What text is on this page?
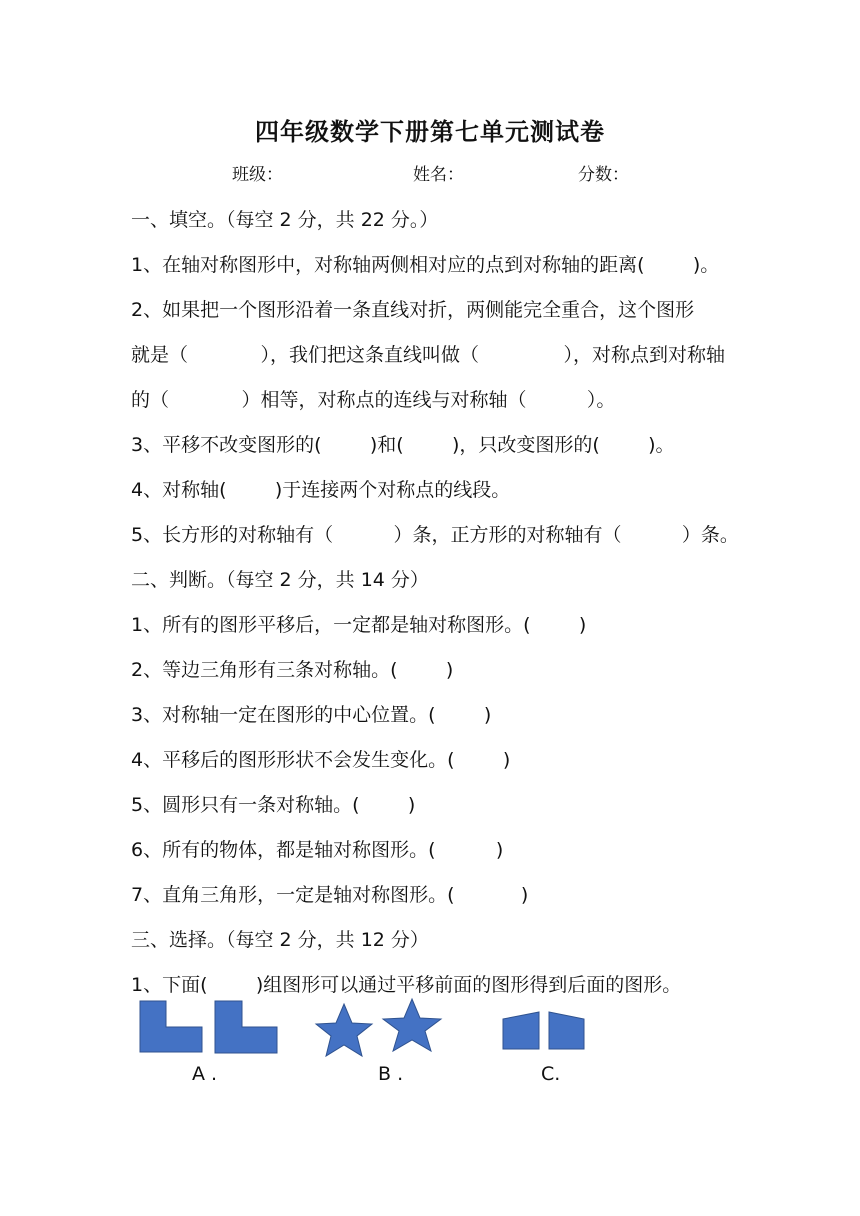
四年级数学下册第七单元测试卷
班级：	姓名：	分数：
一、填空。（每空 2 分，共 22 分。）
1、在轴对称图形中，对称轴两侧相对应的点到对称轴的距离(        )。
2、如果把一个图形沿着一条直线对折，两侧能完全重合，这个图形
就是（            ），我们把这条直线叫做（              ），对称点到对称轴
的（            ）相等，对称点的连线与对称轴（          ）。
3、平移不改变图形的(        )和(        )，只改变图形的(        )。
4、对称轴(        )于连接两个对称点的线段。
5、长方形的对称轴有（          ）条，正方形的对称轴有（          ）条。
二、判断。（每空 2 分，共 14 分）
1、所有的图形平移后，一定都是轴对称图形。(        )
2、等边三角形有三条对称轴。(        )
3、对称轴一定在图形的中心位置。(        )
4、平移后的图形形状不会发生变化。(        )
5、圆形只有一条对称轴。(        )
6、所有的物体，都是轴对称图形。(          )
7、直角三角形，一定是轴对称图形。(           )
三、选择。（每空 2 分，共 12 分）
1、下面(        )组图形可以通过平移前面的图形得到后面的图形。
A .	B .	C.
